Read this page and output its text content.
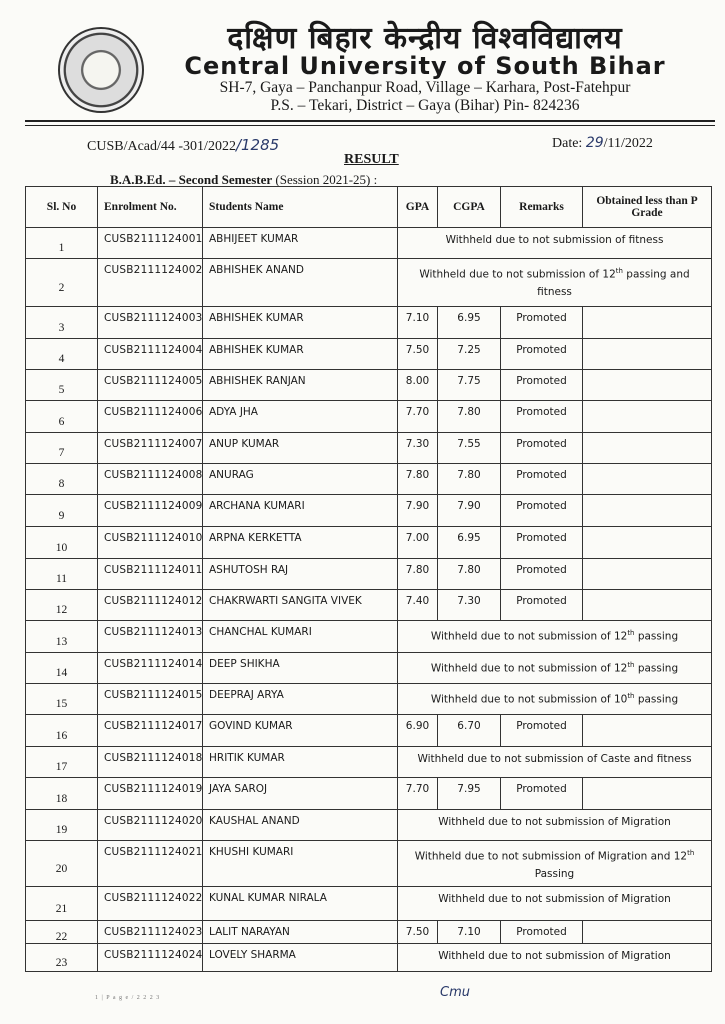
दक्षिण बिहार केन्द्रीय विश्वविद्यालय
Central University of South Bihar
SH-7, Gaya – Panchanpur Road, Village – Karhara, Post-Fatehpur
P.S. – Tekari, District – Gaya (Bihar) Pin- 824236
CUSB/Acad/44 -301/2022/1285	Date: 29/11/2022
RESULT
B.A.B.Ed. – Second Semester (Session 2021-25) :
Sl. No	Enrolment No.	Students Name	GPA	CGPA	Remarks	Obtained less than P Grade
1	CUSB2111124001	ABHIJEET KUMAR	Withheld due to not submission of fitness			
2	CUSB2111124002	ABHISHEK ANAND	Withheld due to not submission of 12th passing and fitness			
3	CUSB2111124003	ABHISHEK KUMAR	7.10	6.95	Promoted	
4	CUSB2111124004	ABHISHEK KUMAR	7.50	7.25	Promoted	
5	CUSB2111124005	ABHISHEK RANJAN	8.00	7.75	Promoted	
6	CUSB2111124006	ADYA JHA	7.70	7.80	Promoted	
7	CUSB2111124007	ANUP KUMAR	7.30	7.55	Promoted	
8	CUSB2111124008	ANURAG	7.80	7.80	Promoted	
9	CUSB2111124009	ARCHANA KUMARI	7.90	7.90	Promoted	
10	CUSB2111124010	ARPNA KERKETTA	7.00	6.95	Promoted	
11	CUSB2111124011	ASHUTOSH RAJ	7.80	7.80	Promoted	
12	CUSB2111124012	CHAKRWARTI SANGITA VIVEK	7.40	7.30	Promoted	
13	CUSB2111124013	CHANCHAL KUMARI	Withheld due to not submission of 12th passing			
14	CUSB2111124014	DEEP SHIKHA	Withheld due to not submission of 12th passing			
15	CUSB2111124015	DEEPRAJ ARYA	Withheld due to not submission of 10th passing			
16	CUSB2111124017	GOVIND KUMAR	6.90	6.70	Promoted	
17	CUSB2111124018	HRITIK KUMAR	Withheld due to not submission of Caste and fitness			
18	CUSB2111124019	JAYA SAROJ	7.70	7.95	Promoted	
19	CUSB2111124020	KAUSHAL ANAND	Withheld due to not submission of Migration			
20	CUSB2111124021	KHUSHI KUMARI	Withheld due to not submission of Migration and 12th Passing			
21	CUSB2111124022	KUNAL KUMAR NIRALA	Withheld due to not submission of Migration			
22	CUSB2111124023	LALIT NARAYAN	7.50	7.10	Promoted	
23	CUSB2111124024	LOVELY SHARMA	Withheld due to not submission of Migration			
1 | P a g e / 2 2 2 3	Cmu
